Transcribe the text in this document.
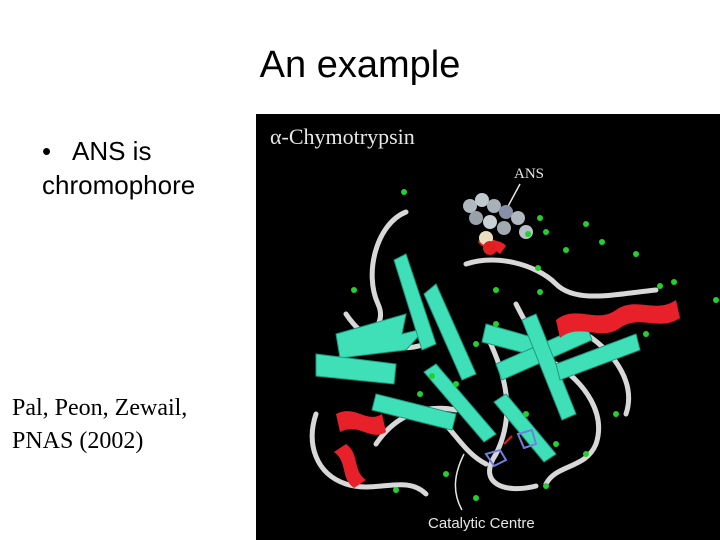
An example
• ANS is
chromophore
Pal, Peon, Zewail,
PNAS (2002)
α-Chymotrypsin
ANS
Catalytic Centre
